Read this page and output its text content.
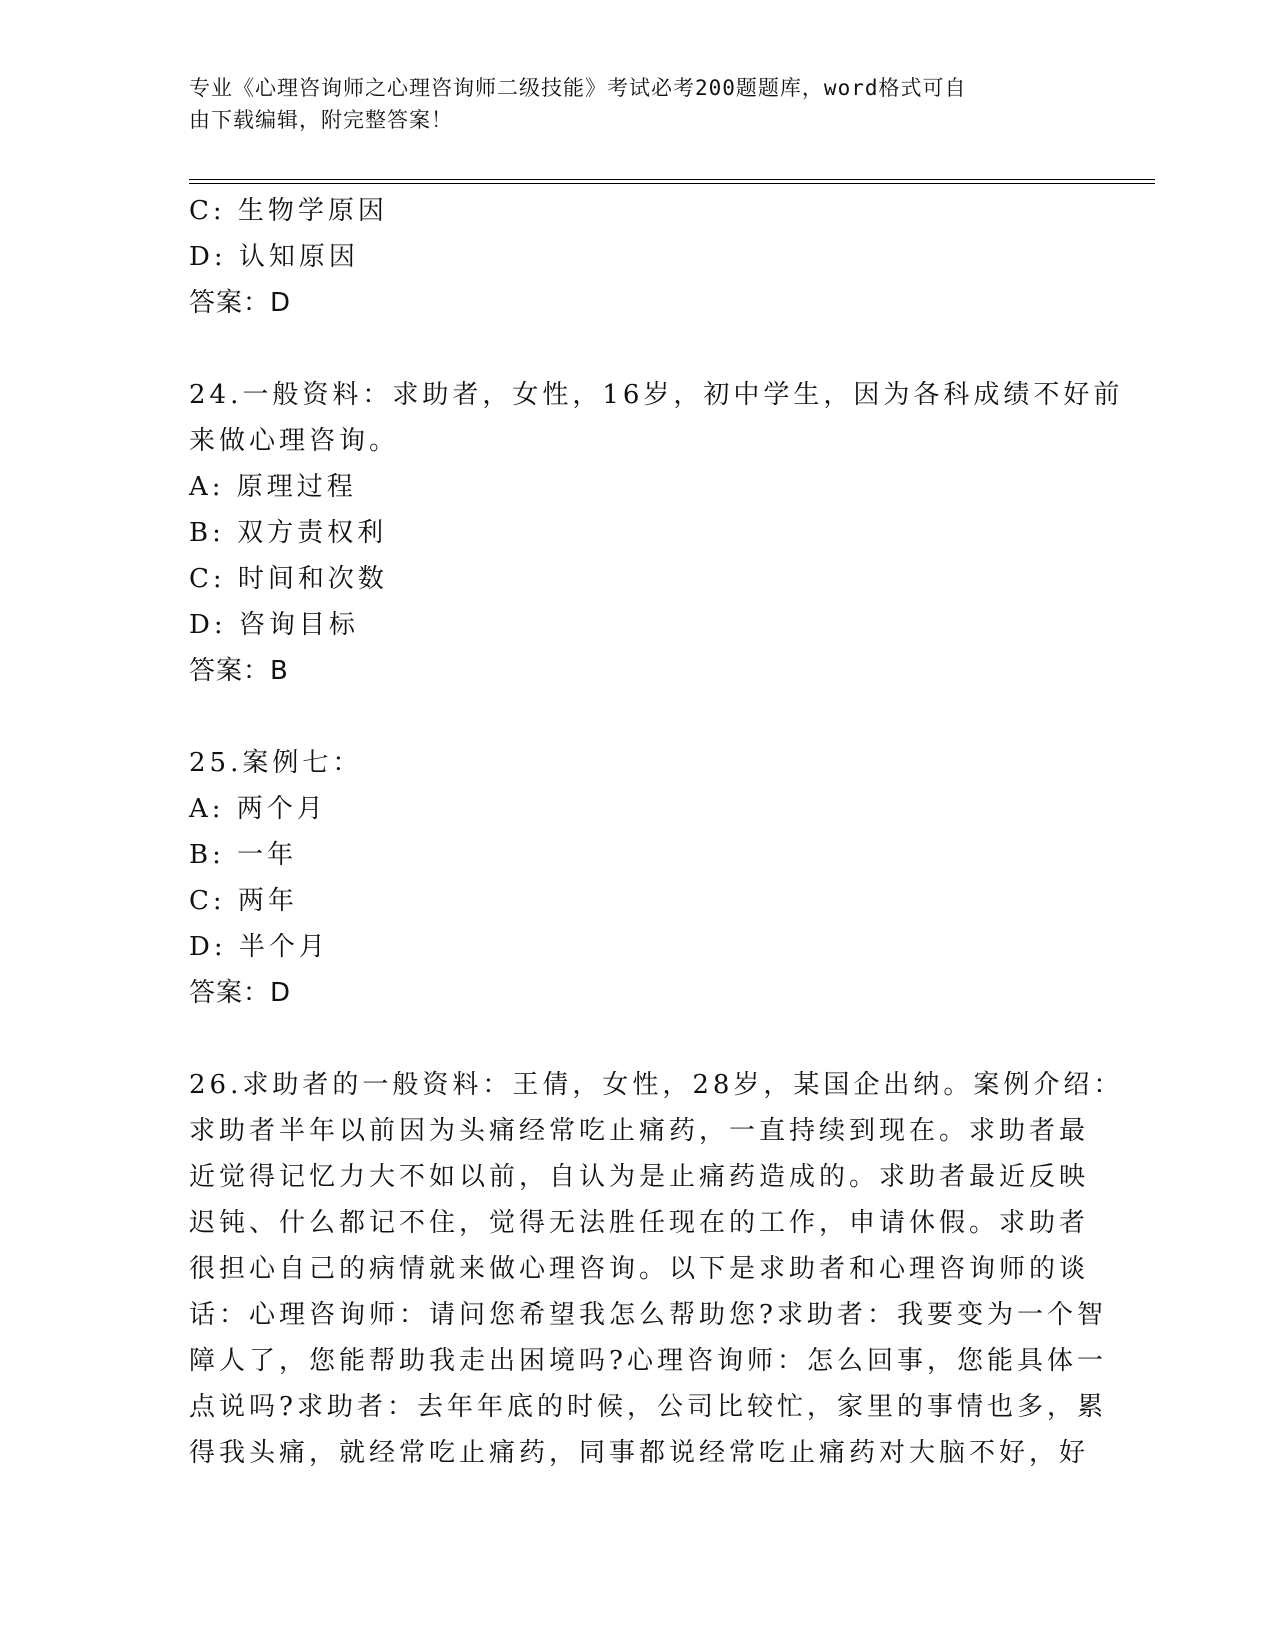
专业《心理咨询师之心理咨询师二级技能》考试必考200题题库，word格式可自
由下载编辑，附完整答案！
C: 生物学原因
D: 认知原因
答案：D
24.一般资料：求助者，女性，16岁，初中学生，因为各科成绩不好前
来做心理咨询。
A: 原理过程
B: 双方责权利
C: 时间和次数
D: 咨询目标
答案：B
25.案例七：
A: 两个月
B: 一年
C: 两年
D: 半个月
答案：D
26.求助者的一般资料：王倩，女性，28岁，某国企出纳。案例介绍：
求助者半年以前因为头痛经常吃止痛药，一直持续到现在。求助者最
近觉得记忆力大不如以前，自认为是止痛药造成的。求助者最近反映
迟钝、什么都记不住，觉得无法胜任现在的工作，申请休假。求助者
很担心自己的病情就来做心理咨询。以下是求助者和心理咨询师的谈
话：心理咨询师：请问您希望我怎么帮助您?求助者：我要变为一个智
障人了，您能帮助我走出困境吗?心理咨询师：怎么回事，您能具体一
点说吗?求助者：去年年底的时候，公司比较忙，家里的事情也多，累
得我头痛，就经常吃止痛药，同事都说经常吃止痛药对大脑不好，好
